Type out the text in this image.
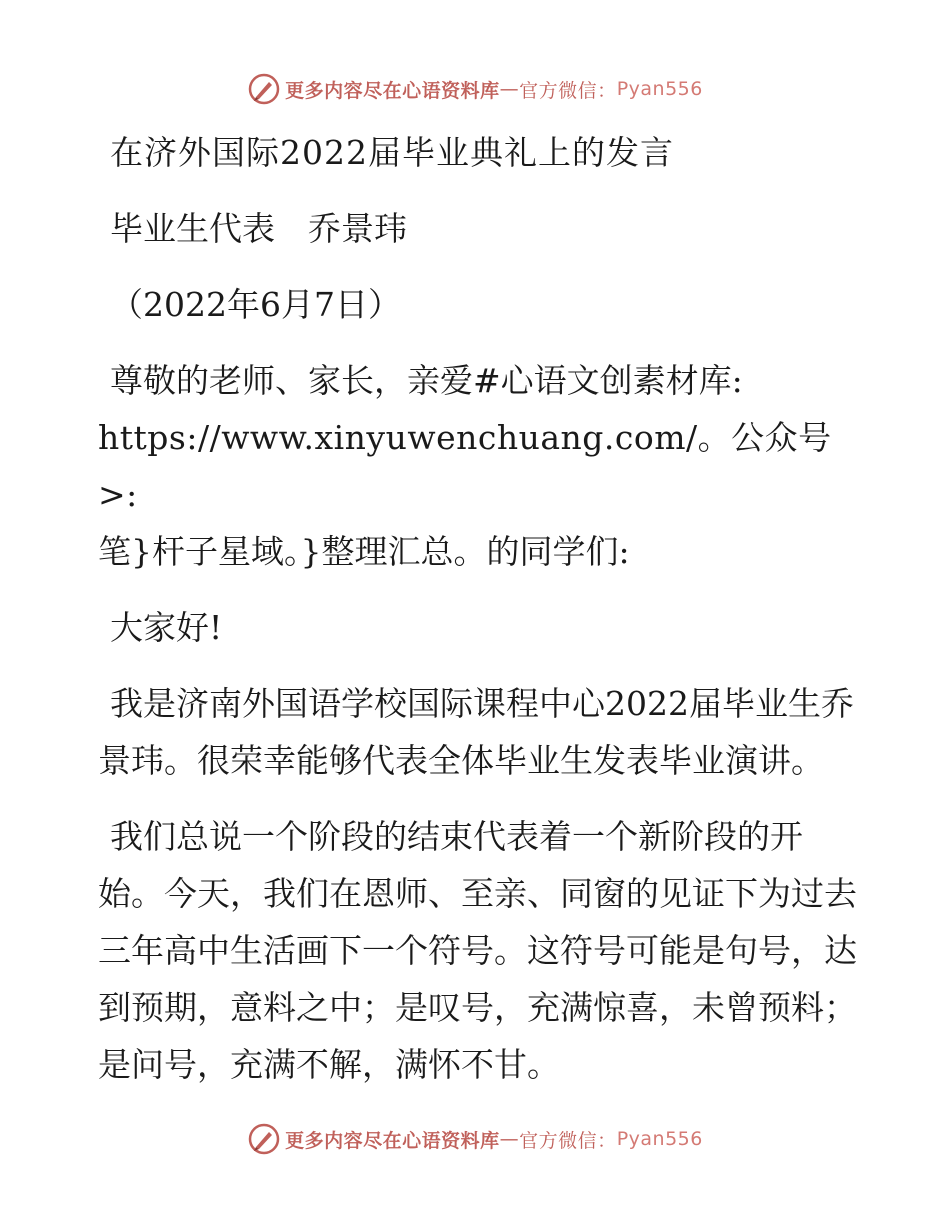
更多内容尽在心语资料库 — 官方微信： Pyan556

在济外国际2022届毕业典礼上的发言

毕业生代表　乔景玮

（2022年6月7日）

尊敬的老师、家长，亲爱#心语文创素材库:
https://www.xinyuwenchuang.com/。公众号>:
笔}杆子星域。}整理汇总。的同学们:

大家好!

我是济南外国语学校国际课程中心2022届毕业生乔景玮。很荣幸能够代表全体毕业生发表毕业演讲。

我们总说一个阶段的结束代表着一个新阶段的开始。今天，我们在恩师、至亲、同窗的见证下为过去三年高中生活画下一个符号。这符号可能是句号，达到预期，意料之中；是叹号，充满惊喜，未曾预料；是问号，充满不解，满怀不甘。

更多内容尽在心语资料库 — 官方微信： Pyan556
